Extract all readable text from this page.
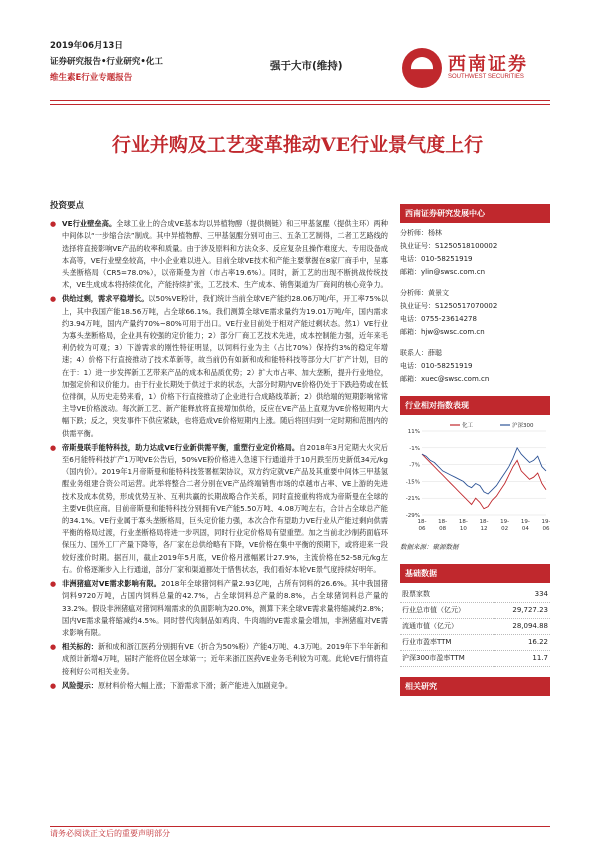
2019年06月13日
证券研究报告•行业研究•化工
维生素E行业专题报告
强于大市(维持)	西南证券
SOUTHWEST SECURITIES
行业并购及工艺变革推动VE行业景气度上行
投资要点
● VE行业壁垒高。全球工业上的合成VE基本均以异植物醇（提供侧链）和三甲基氢醌（提供主环）两种中间体以“一步缩合法”制成。其中异植物醇、三甲基氢醌分别可由三、五条工艺制得，二者工艺路线的选择将直接影响VE产品的收率和质量。由于涉及原料和方法众多、反应复杂且操作难度大、专用设备成本高等，VE行业壁垒较高，中小企业难以进入。目前全球VE技术和产能主要掌握在8家厂商手中，呈寡头垄断格局（CR5=78.0%），以帝斯曼为首（市占率19.6%）。同时，新工艺的出现不断挑战传统技术，VE生成成本将持续优化，产能持续扩张，工艺技术、生产成本、销售渠道为厂商间的核心竞争力。
● 供给过剩，需求平稳增长。以50%VE粉计，我们统计当前全球VE产能约28.06万吨/年，开工率75%以上，其中我国产能18.56万吨，占全球66.1%。我们测算全球VE需求量约为19.01万吨/年，国内需求约3.94万吨，国内产量约70%~80%可用于出口。VE行业目前处于相对产能过剩状态。然1）VE行业为寡头垄断格局，企业具有较强的定价能力；2）部分厂商工艺技术先进，成本控制能力强，近年来毛利仍较为可观；3）下游需求的刚性特征明显，以饲料行业为主（占比70%）保持约3%的稳定年增速；4）价格下行直接推动了技术革新等，故当前仍有如新和成和能特科技等部分大厂扩产计划，目的在于：1）进一步发挥新工艺带来产品的成本和品质优势；2）扩大市占率、加大垄断，提升行业地位，加强定价和议价能力。由于行业长期处于供过于求的状态，大部分时期内VE价格仍处于下跌趋势或在低位徘徊，从历史走势来看，1）价格下行直接推动了企业进行合成路线革新；2）供给端的短期影响常常主导VE价格波动。每次新工艺、新产能释放将直接增加供给，反应在VE产品上直观为VE价格短期内大幅下跌；反之，突发事件下供应紧缺，也将造成VE价格短期内上涨。随后将回归到一定时期和范围内的供需平衡。
● 帝斯曼联手能特科技，助力达成VE行业新供需平衡，重塑行业定价格局。自2018年3月定期大火灾后至6月能特科技扩产1万吨VE公告后，50%VE粉价格进入急速下行通道并于10月跌至历史新低34元/kg（国内价）。2019年1月帝斯曼和能特科技签署框架协议，双方约定就VE产品及其重要中间体三甲基氢醌业务组建合资公司运营。此举将整合二者分别在VE产品终端销售市场的卓越市占率、VE上游的先进技术及成本优势，形成优势互补、互利共赢的长期战略合作关系，同时直接重构将成为帝斯曼在全球的主要VE供应商。目前帝斯曼和能特科技分别拥有VE产能5.50万吨、4.08万吨左右，合计占全球总产能的34.1%。VE行业属于寡头垄断格局，巨头定价能力强，本次合作有望助力VE行业从产能过剩向供需平衡的格局过渡，行业垄断格局将进一步巩固，同时行业定价格局有望重塑。加之当前北沙制药面临环保压力、国外工厂产量下降等，各厂家在总供给略有下降，VE价格在集中平衡的预期下，或将迎来一段较好涨价时期。据百川，截止2019年5月底，VE价格月涨幅累计27.9%，主流价格在52-58元/kg左右。价格逐渐步入上行通道，部分厂家和渠道都处于惜售状态，我们看好本轮VE景气度持续好明年。
● 非洲猪瘟对VE需求影响有限。2018年全球猪饲料产量2.93亿吨，占所有饲料的26.6%。其中我国猪饲料9720万吨，占国内饲料总量的42.7%，占全球饲料总产量的8.8%，占全球猪饲料总产量的33.2%。假设非洲猪瘟对猪饲料端需求的负面影响为20.0%，测算下来全球VE需求量将缩减约2.8%；国内VE需求量将缩减约4.5%。同时替代肉制品如鸡肉、牛肉端的VE需求量会增加，非洲猪瘟对VE需求影响有限。
● 相关标的：新和成和浙江医药分别拥有VE（折合为50%粉）产能4万吨、4.3万吨。2019年下半年新和成预计新增4万吨，届时产能将位居全球第一；近年来浙江医药VE业务毛利较为可观。此轮VE行情将直接利好公司相关业务。
● 风险提示：原材料价格大幅上涨；下游需求下滑；新产能进入加剧竞争。
西南证券研究发展中心

分析师：杨林

执业证号：S1250518100002

电话：010-58251919

邮箱：ylin@swsc.com.cn

分析师：黄景文

执业证号：S1250517070002

电话：0755-23614278

邮箱：hjw@swsc.com.cn

联系人：薛聪

电话：010-58251919

邮箱：xuec@swsc.com.cn

行业相对指数表现
11%
-1%
-7%
-15%
-21%
-29%
18-
06
18-
08
18-
10
18-
12
19-
02
19-
04
19-
06
化工	沪深300
数据来源：聚源数据
基础数据
股票家数	334
行业总市值（亿元）	29,727.23
流通市值（亿元）	28,094.88
行业市盈率TTM	16.22
沪深300市盈率TTM	11.7
相关研究
请务必阅读正文后的重要声明部分
